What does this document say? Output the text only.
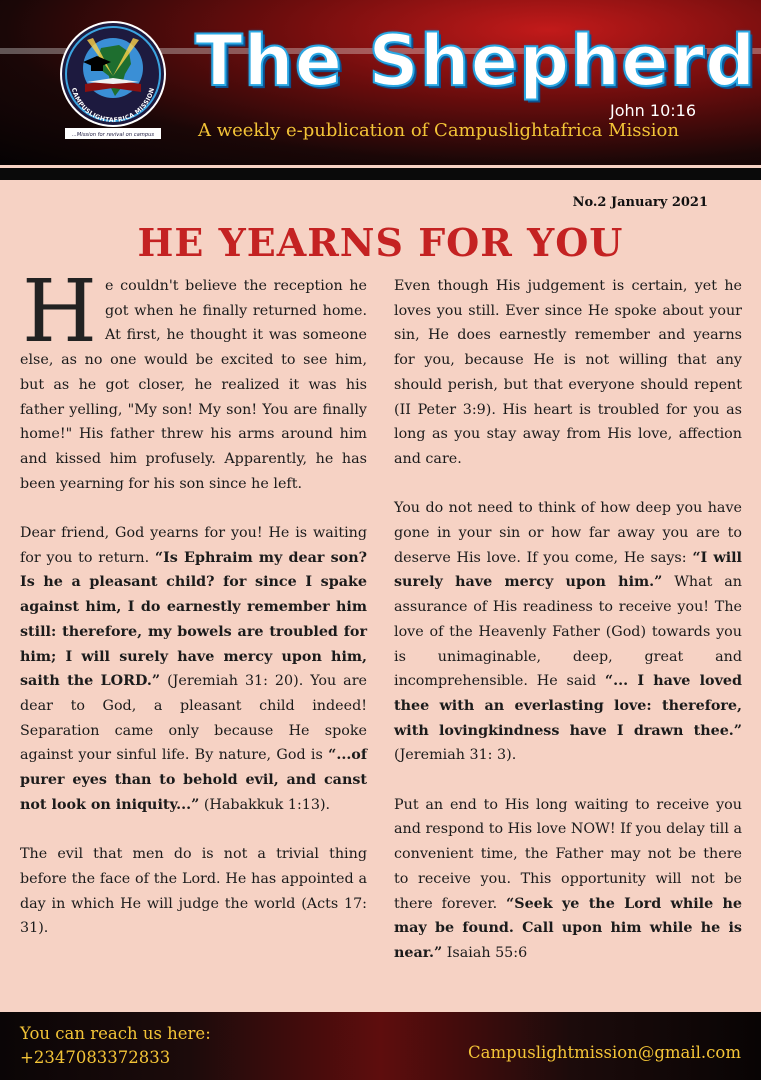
CAMPUSLIGHTAFRICA MISSION
...Mission for revival on campus
The Shepherd
John 10:16
A weekly e-publication of Campuslightafrica Mission
No.2 January 2021
HE YEARNS FOR YOU

He couldn't believe the reception he got when he finally returned home. At first, he thought it was someone else, as no one would be excited to see him, but as he got closer, he realized it was his father yelling, "My son! My son! You are finally home!" His father threw his arms around him and kissed him profusely. Apparently, he has been yearning for his son since he left.

Dear friend, God yearns for you! He is waiting for you to return. “Is Ephraim my dear son? Is he a pleasant child? for since I spake against him, I do earnestly remember him still: therefore, my bowels are troubled for him; I will surely have mercy upon him, saith the LORD.” (Jeremiah 31: 20). You are dear to God, a pleasant child indeed! Separation came only because He spoke against your sinful life. By nature, God is “...of purer eyes than to behold evil, and canst not look on iniquity...” (Habakkuk 1:13).

The evil that men do is not a trivial thing before the face of the Lord. He has appointed a day in which He will judge the world (Acts 17: 31).

Even though His judgement is certain, yet he loves you still. Ever since He spoke about your sin, He does earnestly remember and yearns for you, because He is not willing that any should perish, but that everyone should repent (II Peter 3:9). His heart is troubled for you as long as you stay away from His love, affection and care.

You do not need to think of how deep you have gone in your sin or how far away you are to deserve His love. If you come, He says: “I will surely have mercy upon him.” What an assurance of His readiness to receive you! The love of the Heavenly Father (God) towards you is unimaginable, deep, great and incomprehensible. He said “... I have loved thee with an everlasting love: therefore, with lovingkindness have I drawn thee.” (Jeremiah 31: 3).

Put an end to His long waiting to receive you and respond to His love NOW! If you delay till a convenient time, the Father may not be there to receive you. This opportunity will not be there forever. “Seek ye the Lord while he may be found. Call upon him while he is near.” Isaiah 55:6

You can reach us here:
+2347083372833	Campuslightmission@gmail.com
